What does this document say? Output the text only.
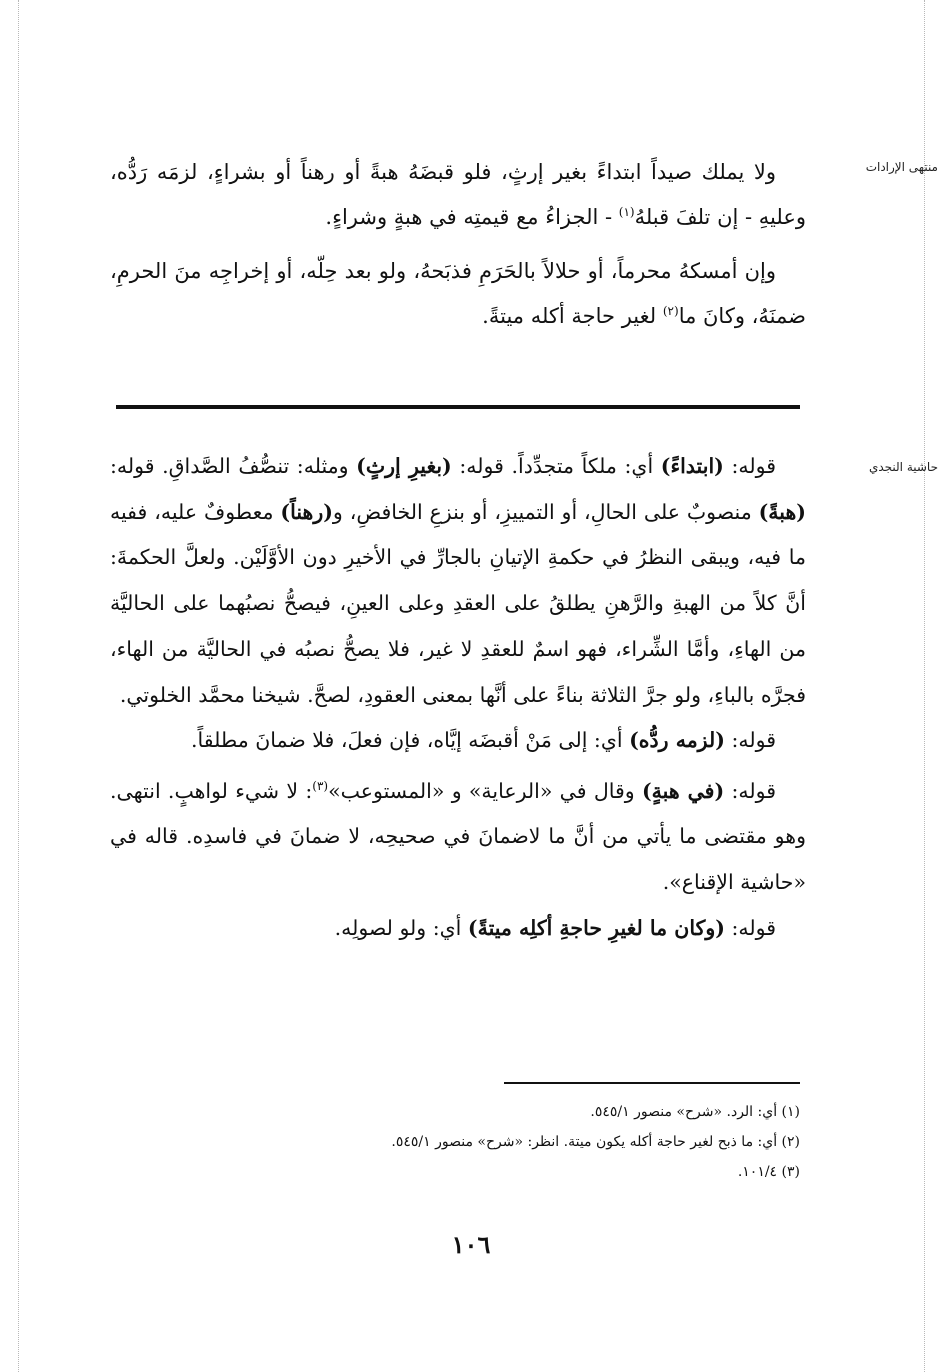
منتهى الإرادات
حاشية النجدي

ولا يملك صيداً ابتداءً بغير إرثٍ، فلو قبضَهُ هبةً أو رهناً أو بشراءٍ، لزمَه رَدُّه، وعليهِ - إن تلفَ قبلهُ$^{(١)}$ - الجزاءُ مع قيمتِه في هبةٍ وشراءٍ.

وإن أمسكهُ محرماً، أو حلالاً بالحَرَمِ فذبَحهُ، ولو بعد حِلّه، أو إخراجِه منَ الحرمِ، ضمنَهُ، وكانَ ما$^{(٢)}$ لغير حاجة أكله ميتةً.

قوله: (ابتداءً) أي: ملكاً متجدِّداً. قوله: (بغيرِ إرثٍ) ومثله: تنصُّفُ الصَّداقِ. قوله: (هبةً) منصوبٌ على الحالِ، أو التمييزِ، أو بنزعِ الخافضِ، و(رهناً) معطوفٌ عليه، ففيه ما فيه، ويبقى النظرُ في حكمةِ الإتيانِ بالجارِّ في الأخيرِ دون الأوَّلَيْن. ولعلَّ الحكمةَ: أنَّ كلاً من الهبةِ والرَّهنِ يطلقُ على العقدِ وعلى العينِ، فيصحُّ نصبُهما على الحاليَّة من الهاءِ، وأمَّا الشِّراء، فهو اسمٌ للعقدِ لا غير، فلا يصحُّ نصبُه في الحاليَّة من الهاء، فجرَّه بالباءِ، ولو جرَّ الثلاثة بناءً على أنَّها بمعنى العقودِ، لصحَّ. شيخنا محمَّد الخلوتي.

قوله: (لزمه ردُّه) أي: إلى مَنْ أقبضَه إيَّاه، فإن فعلَ، فلا ضمانَ مطلقاً.

قوله: (في هبةٍ) وقال في «الرعاية» و «المستوعب»$^{(٣)}$: لا شيء لواهبٍ. انتهى. وهو مقتضى ما يأتي من أنَّ ما لاضمانَ في صحيحِه، لا ضمانَ في فاسدِه. قاله في «حاشية الإقناع».

قوله: (وكان ما لغيرِ حاجةِ أكلِه ميتةً) أي: ولو لصولِه.

(١) أي: الرد. «شرح» منصور ٥٤٥/١.

(٢) أي: ما ذبح لغير حاجة أكله يكون ميتة. انظر: «شرح» منصور ٥٤٥/١.

(٣) ١٠١/٤.

١٠٦
